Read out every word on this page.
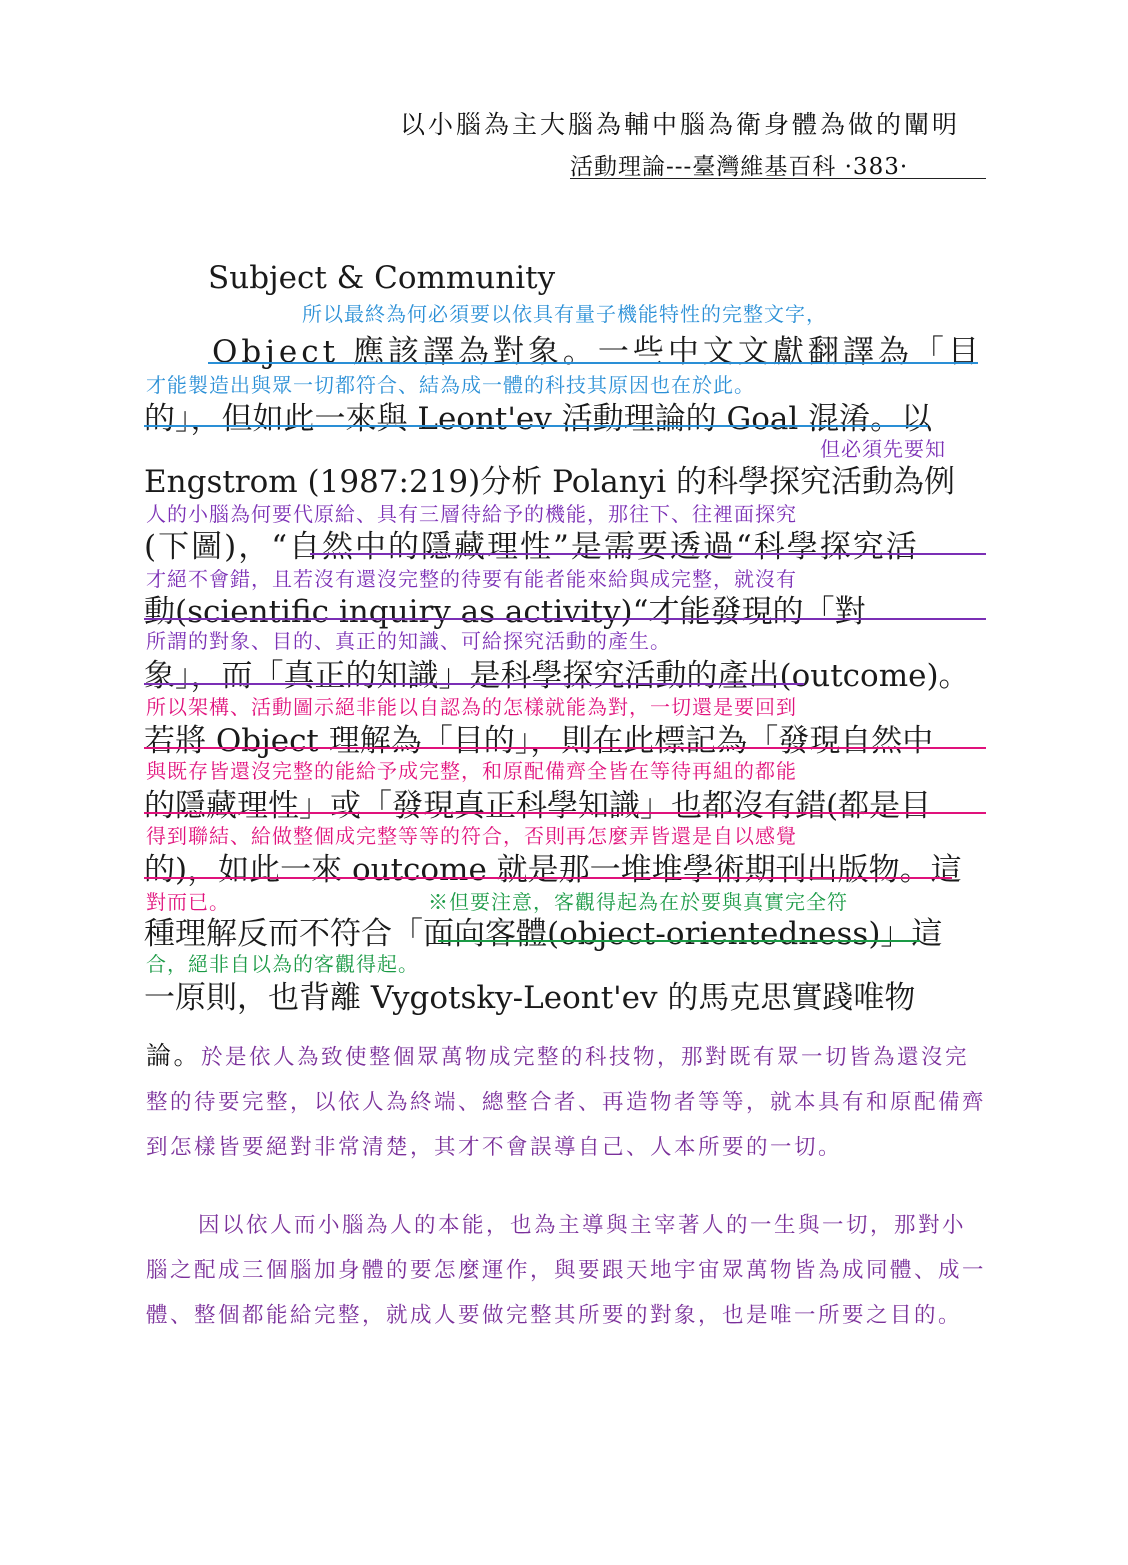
以小腦為主大腦為輔中腦為衛身體為做的闡明
活動理論---臺灣維基百科 ·383·
Subject & Community
所以最終為何必須要以依具有量子機能特性的完整文字，
Object 應該譯為對象。一些中文文獻翻譯為「目
才能製造出與眾一切都符合、結為成一體的科技其原因也在於此。
的」，但如此一來與 Leont'ev 活動理論的 Goal 混淆。以
但必須先要知
Engstrom (1987:219)分析 Polanyi 的科學探究活動為例
人的小腦為何要代原給、具有三層待給予的機能，那往下、往裡面探究
(下圖)，“自然中的隱藏理性”是需要透過“科學探究活
才絕不會錯，且若沒有還沒完整的待要有能者能來給與成完整，就沒有
動(scientific inquiry as activity)“才能發現的「對
所謂的對象、目的、真正的知識、可給探究活動的產生。
象」，而「真正的知識」是科學探究活動的產出(outcome)。
所以架構、活動圖示絕非能以自認為的怎樣就能為對，一切還是要回到
若將 Object 理解為「目的」，則在此標記為「發現自然中
與既存皆還沒完整的能給予成完整，和原配備齊全皆在等待再組的都能
的隱藏理性」或「發現真正科學知識」也都沒有錯(都是目
得到聯結、給做整個成完整等等的符合，否則再怎麼弄皆還是自以感覺
的)，如此一來 outcome 就是那一堆堆學術期刊出版物。這
對而已。	※但要注意，客觀得起為在於要與真實完全符
種理解反而不符合「面向客體(object-orientedness)」這
合，絕非自以為的客觀得起。
一原則，也背離 Vygotsky-Leont'ev 的馬克思實踐唯物
論。於是依人為致使整個眾萬物成完整的科技物，那對既有眾一切皆為還沒完整的待要完整，以依人為終端、總整合者、再造物者等等，就本具有和原配備齊到怎樣皆要絕對非常清楚，其才不會誤導自己、人本所要的一切。
因以依人而小腦為人的本能，也為主導與主宰著人的一生與一切，那對小腦之配成三個腦加身體的要怎麼運作，與要跟天地宇宙眾萬物皆為成同體、成一體、整個都能給完整，就成人要做完整其所要的對象，也是唯一所要之目的。
